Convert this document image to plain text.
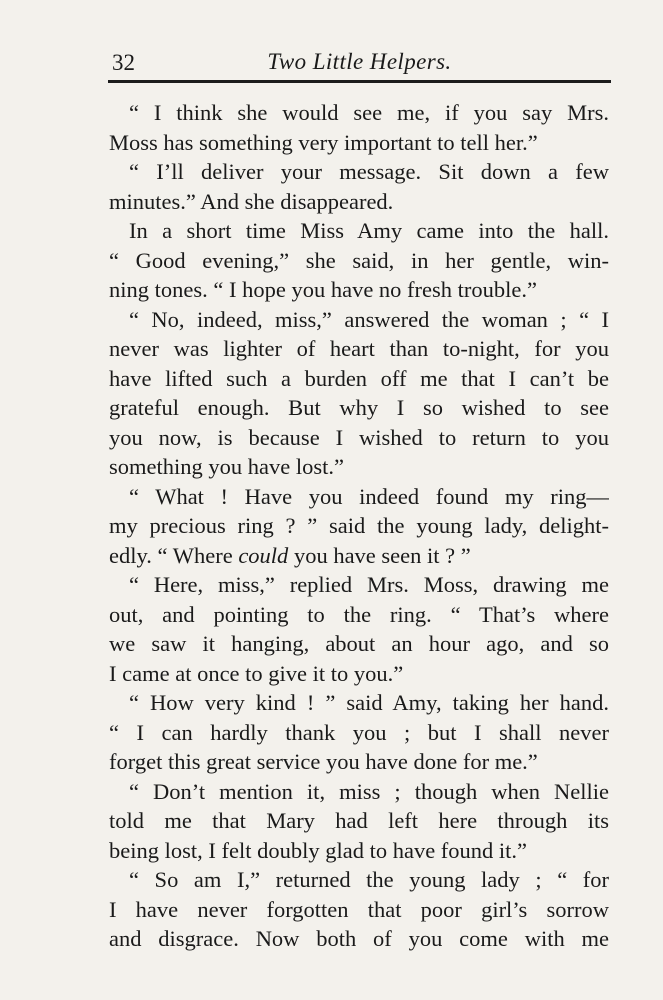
32	Two Little Helpers.
“ I think she would see me, if you say Mrs.
Moss has something very important to tell her.”
“ I’ll deliver your message. Sit down a few
minutes.” And she disappeared.
In a short time Miss Amy came into the hall.
“ Good evening,” she said, in her gentle, win-
ning tones. “ I hope you have no fresh trouble.”
“ No, indeed, miss,” answered the woman ; “ I
never was lighter of heart than to-night, for you
have lifted such a burden off me that I can’t be
grateful enough. But why I so wished to see
you now, is because I wished to return to you
something you have lost.”
“ What ! Have you indeed found my ring—
my precious ring ? ” said the young lady, delight-
edly. “ Where could you have seen it ? ”
“ Here, miss,” replied Mrs. Moss, drawing me
out, and pointing to the ring. “ That’s where
we saw it hanging, about an hour ago, and so
I came at once to give it to you.”
“ How very kind ! ” said Amy, taking her hand.
“ I can hardly thank you ; but I shall never
forget this great service you have done for me.”
“ Don’t mention it, miss ; though when Nellie
told me that Mary had left here through its
being lost, I felt doubly glad to have found it.”
“ So am I,” returned the young lady ; “ for
I have never forgotten that poor girl’s sorrow
and disgrace. Now both of you come with me
